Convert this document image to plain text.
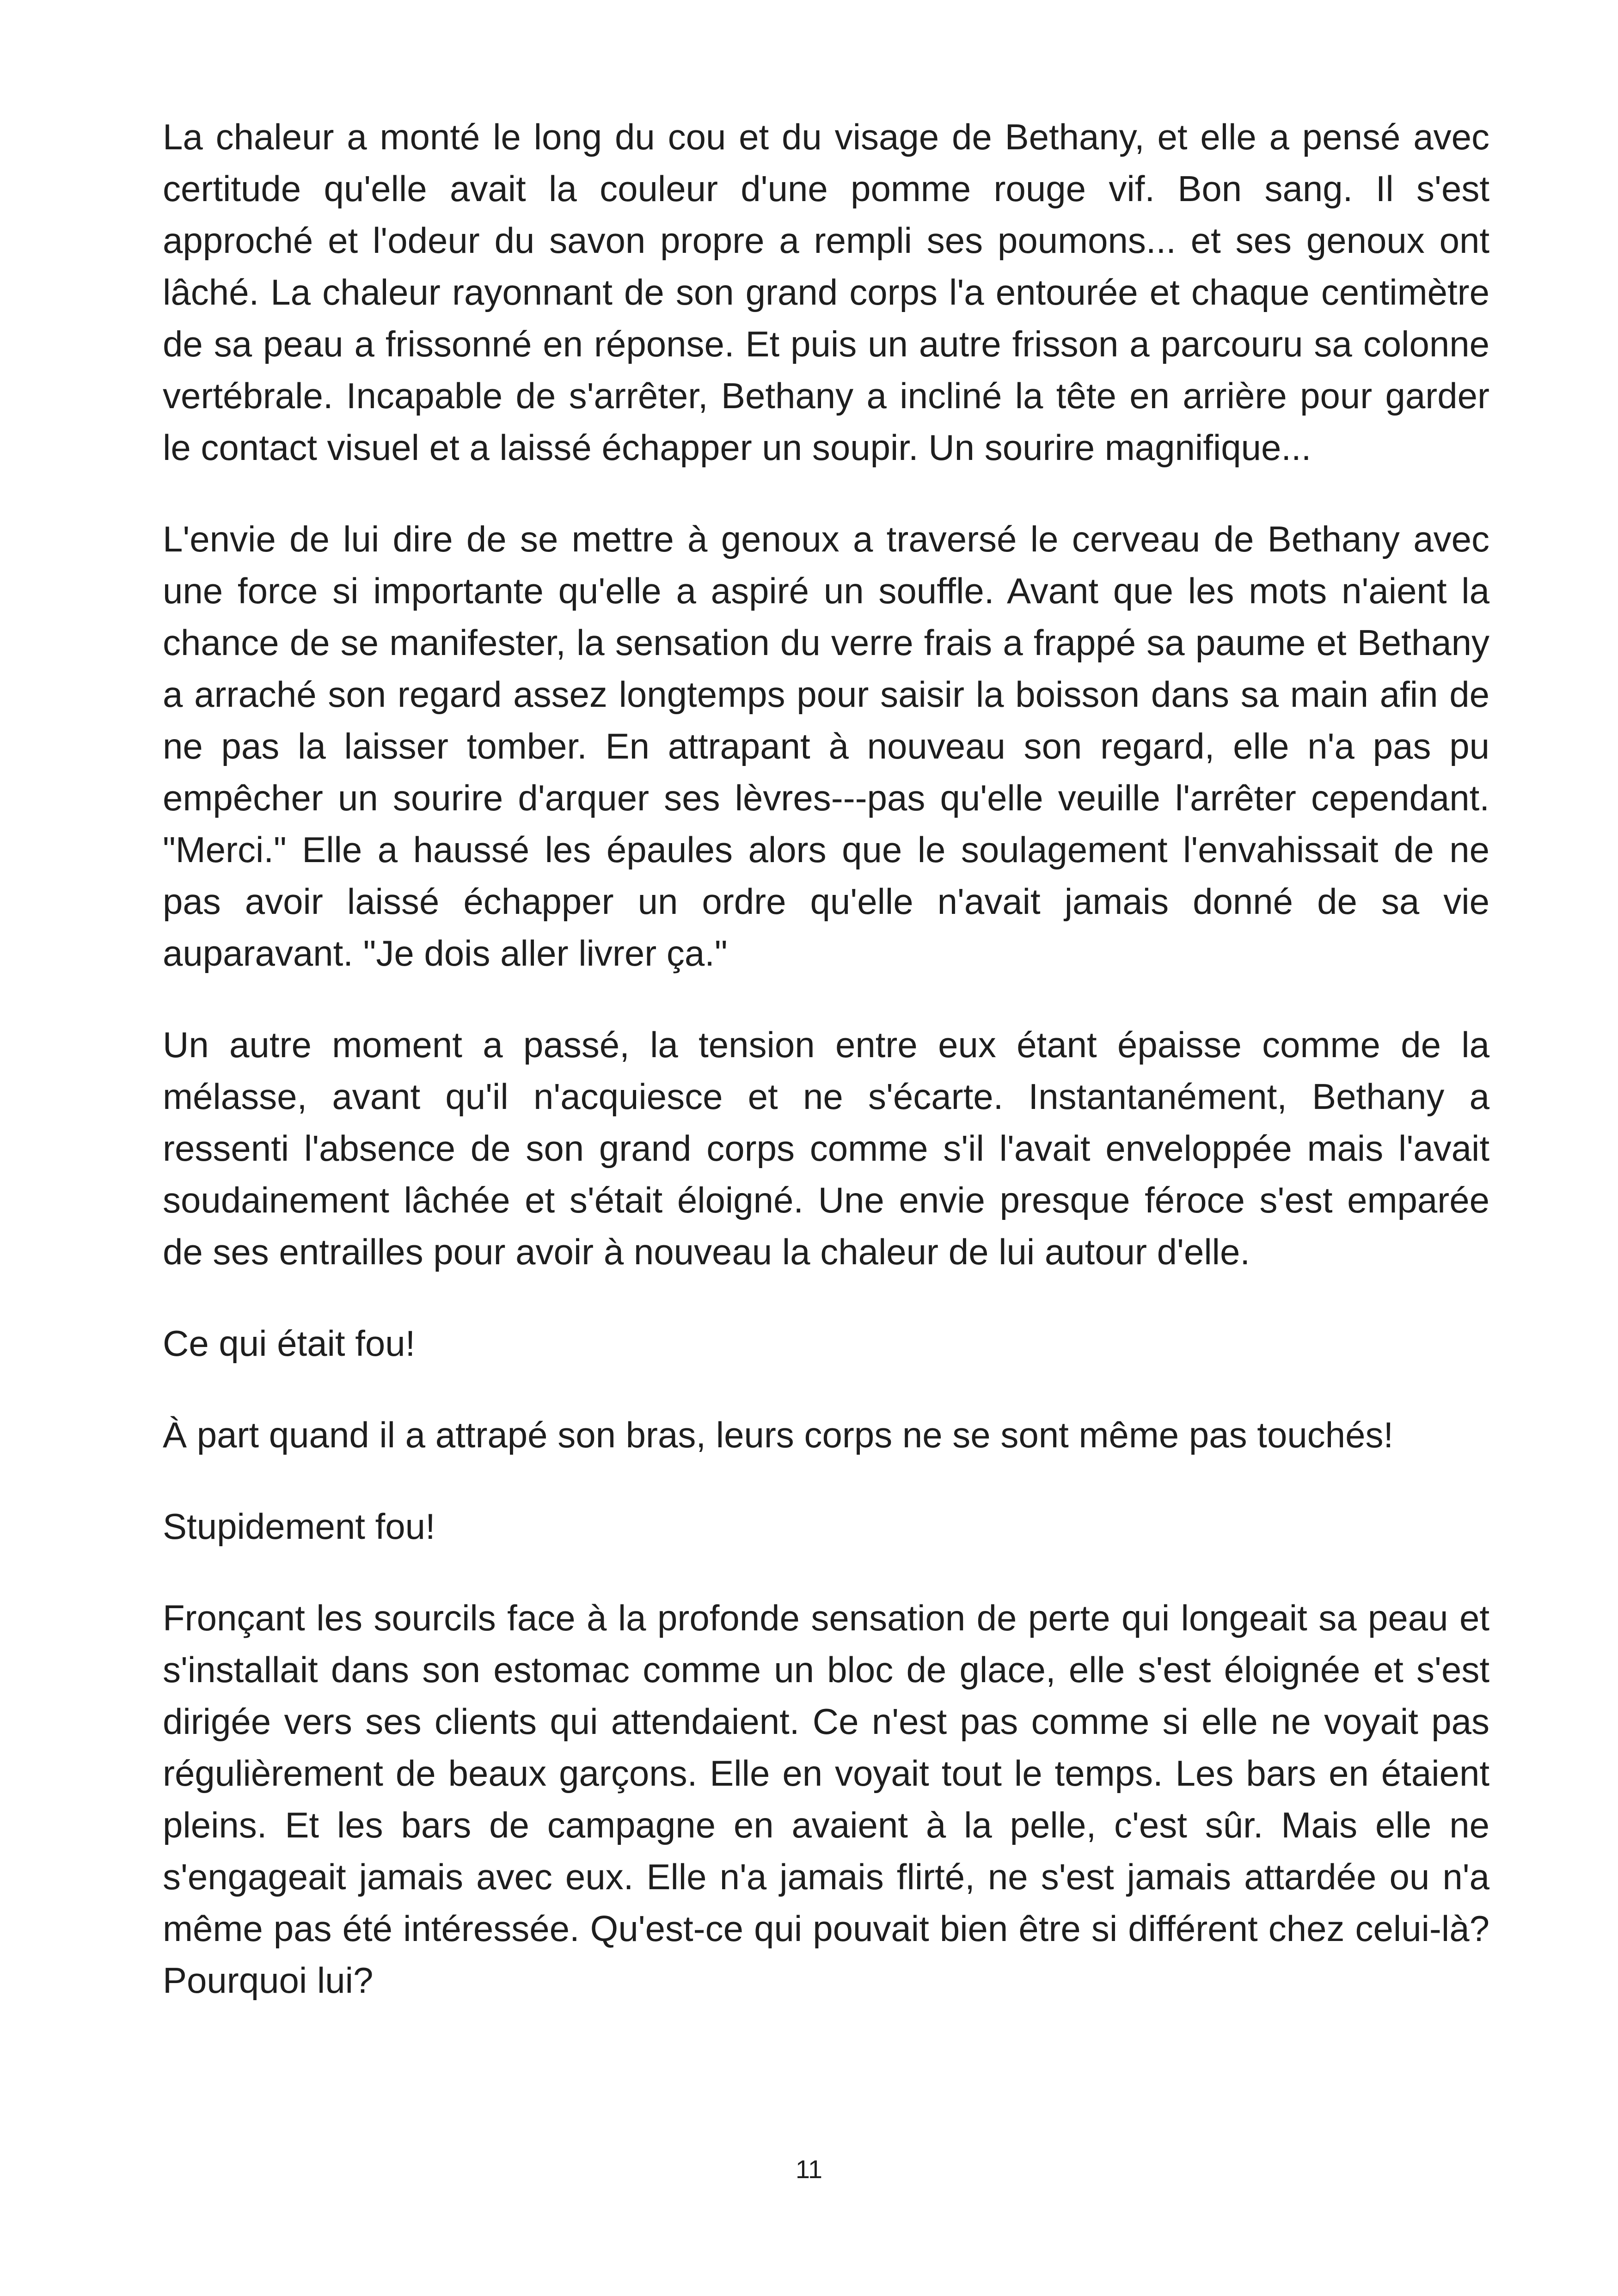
La chaleur a monté le long du cou et du visage de Bethany, et elle a pensé avec certitude qu'elle avait la couleur d'une pomme rouge vif. Bon sang. Il s'est approché et l'odeur du savon propre a rempli ses poumons... et ses genoux ont lâché. La chaleur rayonnant de son grand corps l'a entourée et chaque centimètre de sa peau a frissonné en réponse. Et puis un autre frisson a parcouru sa colonne vertébrale. Incapable de s'arrêter, Bethany a incliné la tête en arrière pour garder le contact visuel et a laissé échapper un soupir. Un sourire magnifique...

L'envie de lui dire de se mettre à genoux a traversé le cerveau de Bethany avec une force si importante qu'elle a aspiré un souffle. Avant que les mots n'aient la chance de se manifester, la sensation du verre frais a frappé sa paume et Bethany a arraché son regard assez longtemps pour saisir la boisson dans sa main afin de ne pas la laisser tomber. En attrapant à nouveau son regard, elle n'a pas pu empêcher un sourire d'arquer ses lèvres---pas qu'elle veuille l'arrêter cependant. "Merci." Elle a haussé les épaules alors que le soulagement l'envahissait de ne pas avoir laissé échapper un ordre qu'elle n'avait jamais donné de sa vie auparavant. "Je dois aller livrer ça."

Un autre moment a passé, la tension entre eux étant épaisse comme de la mélasse, avant qu'il n'acquiesce et ne s'écarte. Instantanément, Bethany a ressenti l'absence de son grand corps comme s'il l'avait enveloppée mais l'avait soudainement lâchée et s'était éloigné. Une envie presque féroce s'est emparée de ses entrailles pour avoir à nouveau la chaleur de lui autour d'elle.

Ce qui était fou!

À part quand il a attrapé son bras, leurs corps ne se sont même pas touchés!

Stupidement fou!

Fronçant les sourcils face à la profonde sensation de perte qui longeait sa peau et s'installait dans son estomac comme un bloc de glace, elle s'est éloignée et s'est dirigée vers ses clients qui attendaient. Ce n'est pas comme si elle ne voyait pas régulièrement de beaux garçons. Elle en voyait tout le temps. Les bars en étaient pleins. Et les bars de campagne en avaient à la pelle, c'est sûr. Mais elle ne s'engageait jamais avec eux. Elle n'a jamais flirté, ne s'est jamais attardée ou n'a même pas été intéressée. Qu'est-ce qui pouvait bien être si différent chez celui-là? Pourquoi lui?

11
